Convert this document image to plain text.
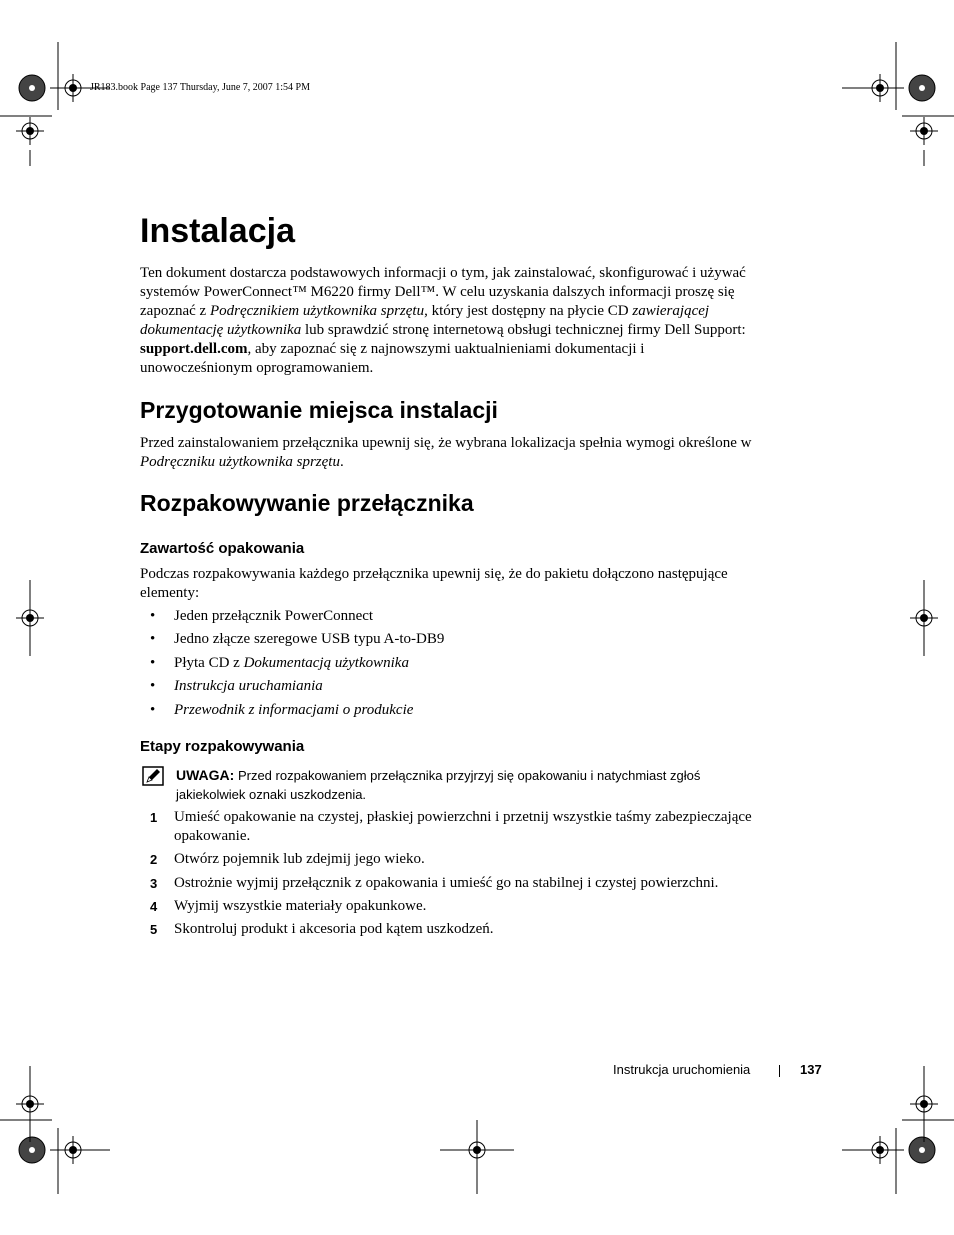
JR183.book Page 137 Thursday, June 7, 2007 1:54 PM
Instalacja

Ten dokument dostarcza podstawowych informacji o tym, jak zainstalować, skonfigurować i używać systemów PowerConnect™ M6220 firmy Dell™. W celu uzyskania dalszych informacji proszę się zapoznać z Podręcznikiem użytkownika sprzętu, który jest dostępny na płycie CD zawierającej dokumentację użytkownika lub sprawdzić stronę internetową obsługi technicznej firmy Dell Support: support.dell.com, aby zapoznać się z najnowszymi uaktualnieniami dokumentacji i unowocześnionym oprogramowaniem.

Przygotowanie miejsca instalacji

Przed zainstalowaniem przełącznika upewnij się, że wybrana lokalizacja spełnia wymogi określone w Podręczniku użytkownika sprzętu.

Rozpakowywanie przełącznika
Zawartość opakowania

Podczas rozpakowywania każdego przełącznika upewnij się, że do pakietu dołączono następujące elementy:

• Jeden przełącznik PowerConnect
• Jedno złącze szeregowe USB typu A-to-DB9
• Płyta CD z Dokumentacją użytkownika
• Instrukcja uruchamiania
• Przewodnik z informacjami o produkcie
Etapy rozpakowywania
UWAGA: Przed rozpakowaniem przełącznika przyjrzyj się opakowaniu i natychmiast zgłoś jakiekolwiek oznaki uszkodzenia.
1 Umieść opakowanie na czystej, płaskiej powierzchni i przetnij wszystkie taśmy zabezpieczające opakowanie.
2 Otwórz pojemnik lub zdejmij jego wieko.
3 Ostrożnie wyjmij przełącznik z opakowania i umieść go na stabilnej i czystej powierzchni.
4 Wyjmij wszystkie materiały opakunkowe.
5 Skontroluj produkt i akcesoria pod kątem uszkodzeń.
Instrukcja uruchomienia	137
